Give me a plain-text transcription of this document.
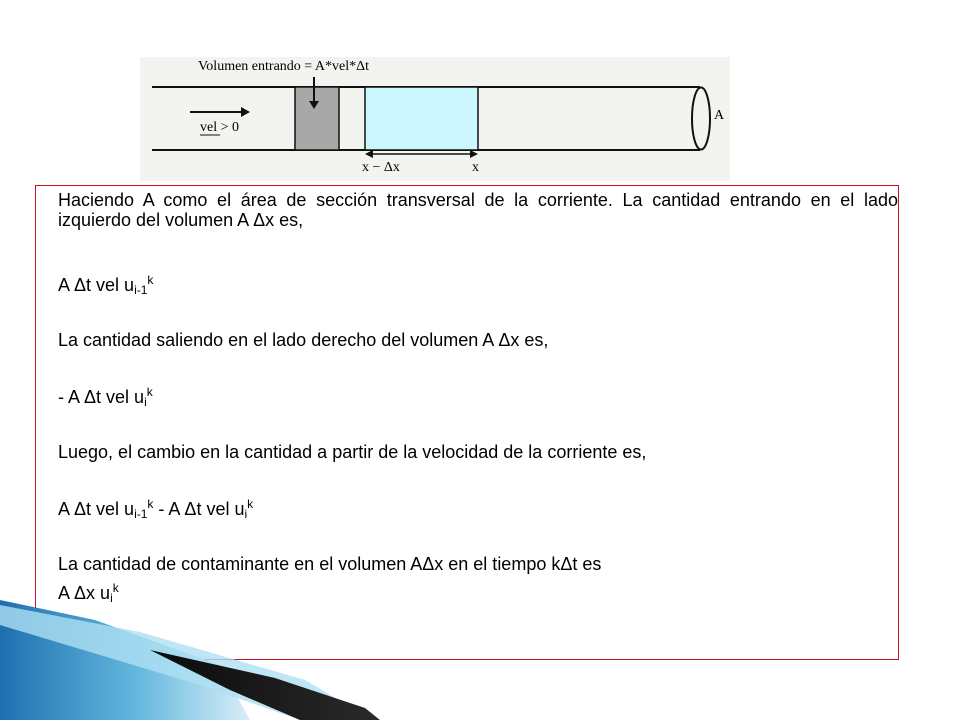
Volumen entrando = A*vel*Δt
vel > 0
x − Δx	x
A
Haciendo A como el área de sección transversal de la corriente. La cantidad entrando en el lado izquierdo del volumen A Δx es,
A Δt vel $u_{i-1}^k$
La cantidad saliendo en el lado derecho del volumen A Δx es,
- A Δt vel $u_i^k$
Luego, el cambio en la cantidad a partir de la velocidad de la corriente es,
A Δt vel $u_{i-1}^k$ - A Δt vel $u_i^k$
La cantidad de contaminante en el volumen AΔx en el tiempo kΔt es
A Δx $u_i^k$
